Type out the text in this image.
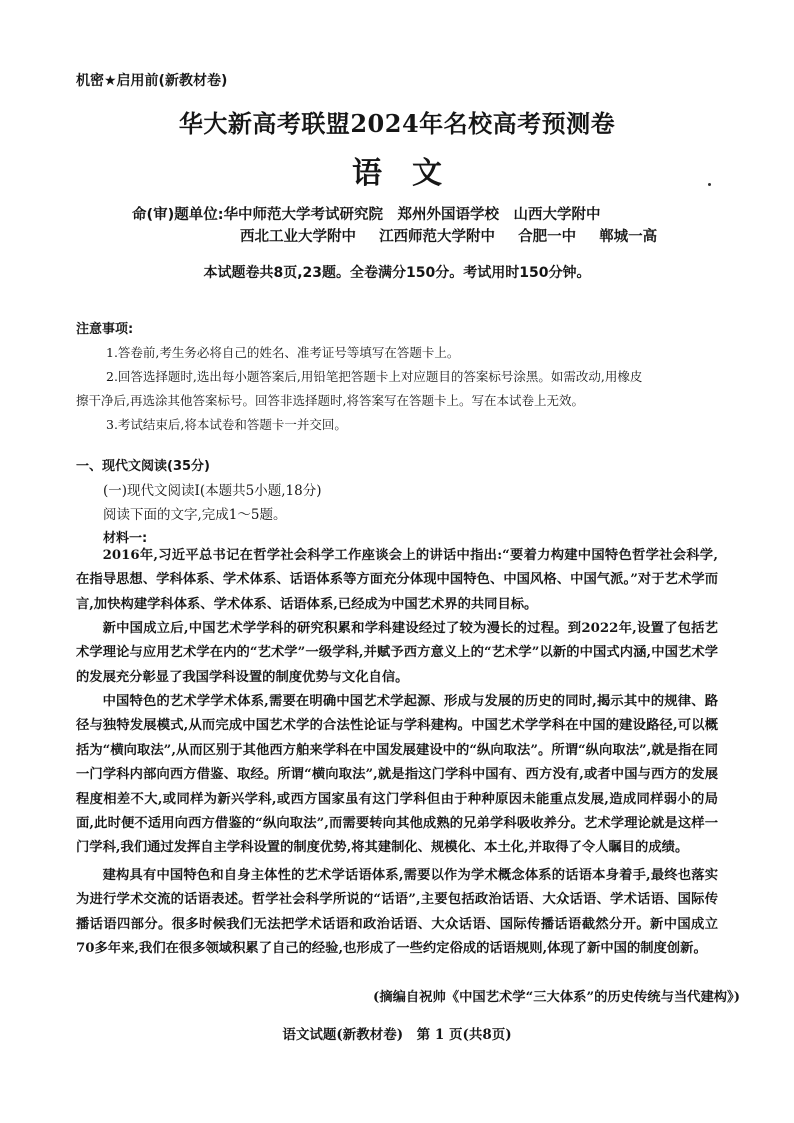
机密★启用前(新教材卷)
华大新高考联盟2024年名校高考预测卷
语文
命(审)题单位:华中师范大学考试研究院　郑州外国语学校　山西大学附中
西北工业大学附中 江西师范大学附中 合肥一中 郸城一高
本试题卷共8页,23题。全卷满分150分。考试用时150分钟。
注意事项:
1.答卷前,考生务必将自己的姓名、准考证号等填写在答题卡上。
2.回答选择题时,选出每小题答案后,用铅笔把答题卡上对应题目的答案标号涂黑。如需改动,用橡皮
擦干净后,再选涂其他答案标号。回答非选择题时,将答案写在答题卡上。写在本试卷上无效。
3.考试结束后,将本试卷和答题卡一并交回。
一、现代文阅读(35分)
(一)现代文阅读Ⅰ(本题共5小题,18分)
阅读下面的文字,完成1～5题。
材料一:

2016年,习近平总书记在哲学社会科学工作座谈会上的讲话中指出:“要着力构建中国特色哲学社会科学,在指导思想、学科体系、学术体系、话语体系等方面充分体现中国特色、中国风格、中国气派。”对于艺术学而言,加快构建学科体系、学术体系、话语体系,已经成为中国艺术界的共同目标。

新中国成立后,中国艺术学学科的研究积累和学科建设经过了较为漫长的过程。到2022年,设置了包括艺术学理论与应用艺术学在内的“艺术学”一级学科,并赋予西方意义上的“艺术学”以新的中国式内涵,中国艺术学的发展充分彰显了我国学科设置的制度优势与文化自信。

中国特色的艺术学学术体系,需要在明确中国艺术学起源、形成与发展的历史的同时,揭示其中的规律、路径与独特发展模式,从而完成中国艺术学的合法性论证与学科建构。中国艺术学学科在中国的建设路径,可以概括为“横向取法”,从而区别于其他西方舶来学科在中国发展建设中的“纵向取法”。所谓“纵向取法”,就是指在同一门学科内部向西方借鉴、取经。所谓“横向取法”,就是指这门学科中国有、西方没有,或者中国与西方的发展程度相差不大,或同样为新兴学科,或西方国家虽有这门学科但由于种种原因未能重点发展,造成同样弱小的局面,此时便不适用向西方借鉴的“纵向取法”,而需要转向其他成熟的兄弟学科吸收养分。艺术学理论就是这样一门学科,我们通过发挥自主学科设置的制度优势,将其建制化、规模化、本土化,并取得了令人瞩目的成绩。

建构具有中国特色和自身主体性的艺术学话语体系,需要以作为学术概念体系的话语本身着手,最终也落实为进行学术交流的话语表述。哲学社会科学所说的“话语”,主要包括政治话语、大众话语、学术话语、国际传播话语四部分。很多时候我们无法把学术话语和政治话语、大众话语、国际传播话语截然分开。新中国成立70多年来,我们在很多领域积累了自己的经验,也形成了一些约定俗成的话语规则,体现了新中国的制度创新。

(摘编自祝帅《中国艺术学“三大体系”的历史传统与当代建构》)
语文试题(新教材卷)　第 1 页(共8页)
